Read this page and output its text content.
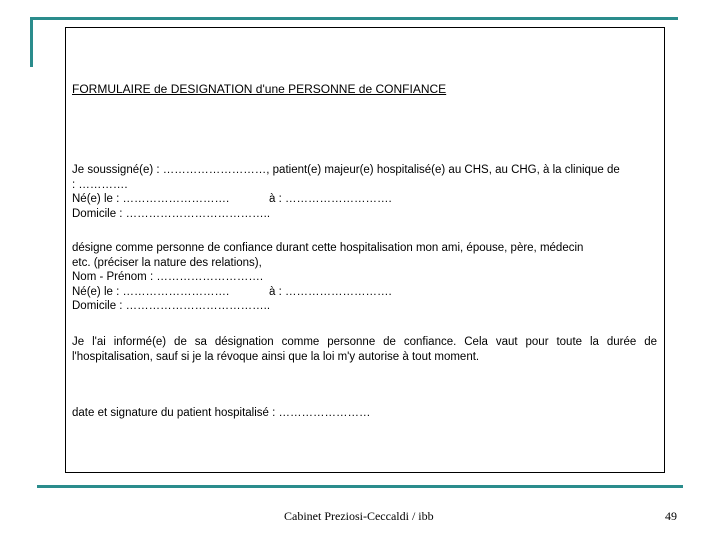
FORMULAIRE de DESIGNATION d'une PERSONNE de CONFIANCE
Je soussigné(e) : ………………………, patient(e) majeur(e) hospitalisé(e) au CHS, au CHG, à la clinique de
: ………….
Né(e) le : ……………………….	à : ……………………….
Domicile : ………………………………..
désigne comme personne de confiance durant cette hospitalisation mon ami, épouse, père, médecin
etc. (préciser la nature des relations),
Nom - Prénom : ……………………….
Né(e) le : ……………………….	à : ……………………….
Domicile : ………………………………..
Je l'ai informé(e) de sa désignation comme personne de confiance. Cela vaut pour toute la durée de l'hospitalisation, sauf si je la révoque ainsi que la loi m'y autorise à tout moment.
date et signature du patient hospitalisé : ……………………
Cabinet Preziosi-Ceccaldi / ibb	49
